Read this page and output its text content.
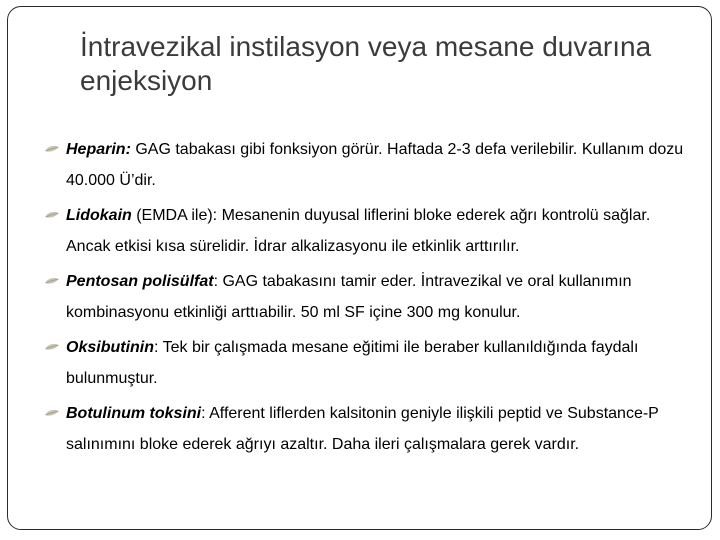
İntravezikal instilasyon veya mesane duvarına enjeksiyon
Heparin: GAG tabakası gibi fonksiyon görür. Haftada 2-3 defa verilebilir. Kullanım dozu 40.000 Ü’dir.
Lidokain (EMDA ile): Mesanenin duyusal liflerini bloke ederek ağrı kontrolü sağlar. Ancak etkisi kısa sürelidir. İdrar alkalizasyonu ile etkinlik arttırılır.
Pentosan polisülfat: GAG tabakasını tamir eder. İntravezikal ve oral kullanımın kombinasyonu etkinliği arttıabilir. 50 ml SF içine 300 mg konulur.
Oksibutinin: Tek bir çalışmada mesane eğitimi ile beraber kullanıldığında faydalı bulunmuştur.
Botulinum toksini: Afferent liflerden kalsitonin geniyle ilişkili peptid ve Substance-P salınımını bloke ederek ağrıyı azaltır. Daha ileri çalışmalara gerek vardır.
